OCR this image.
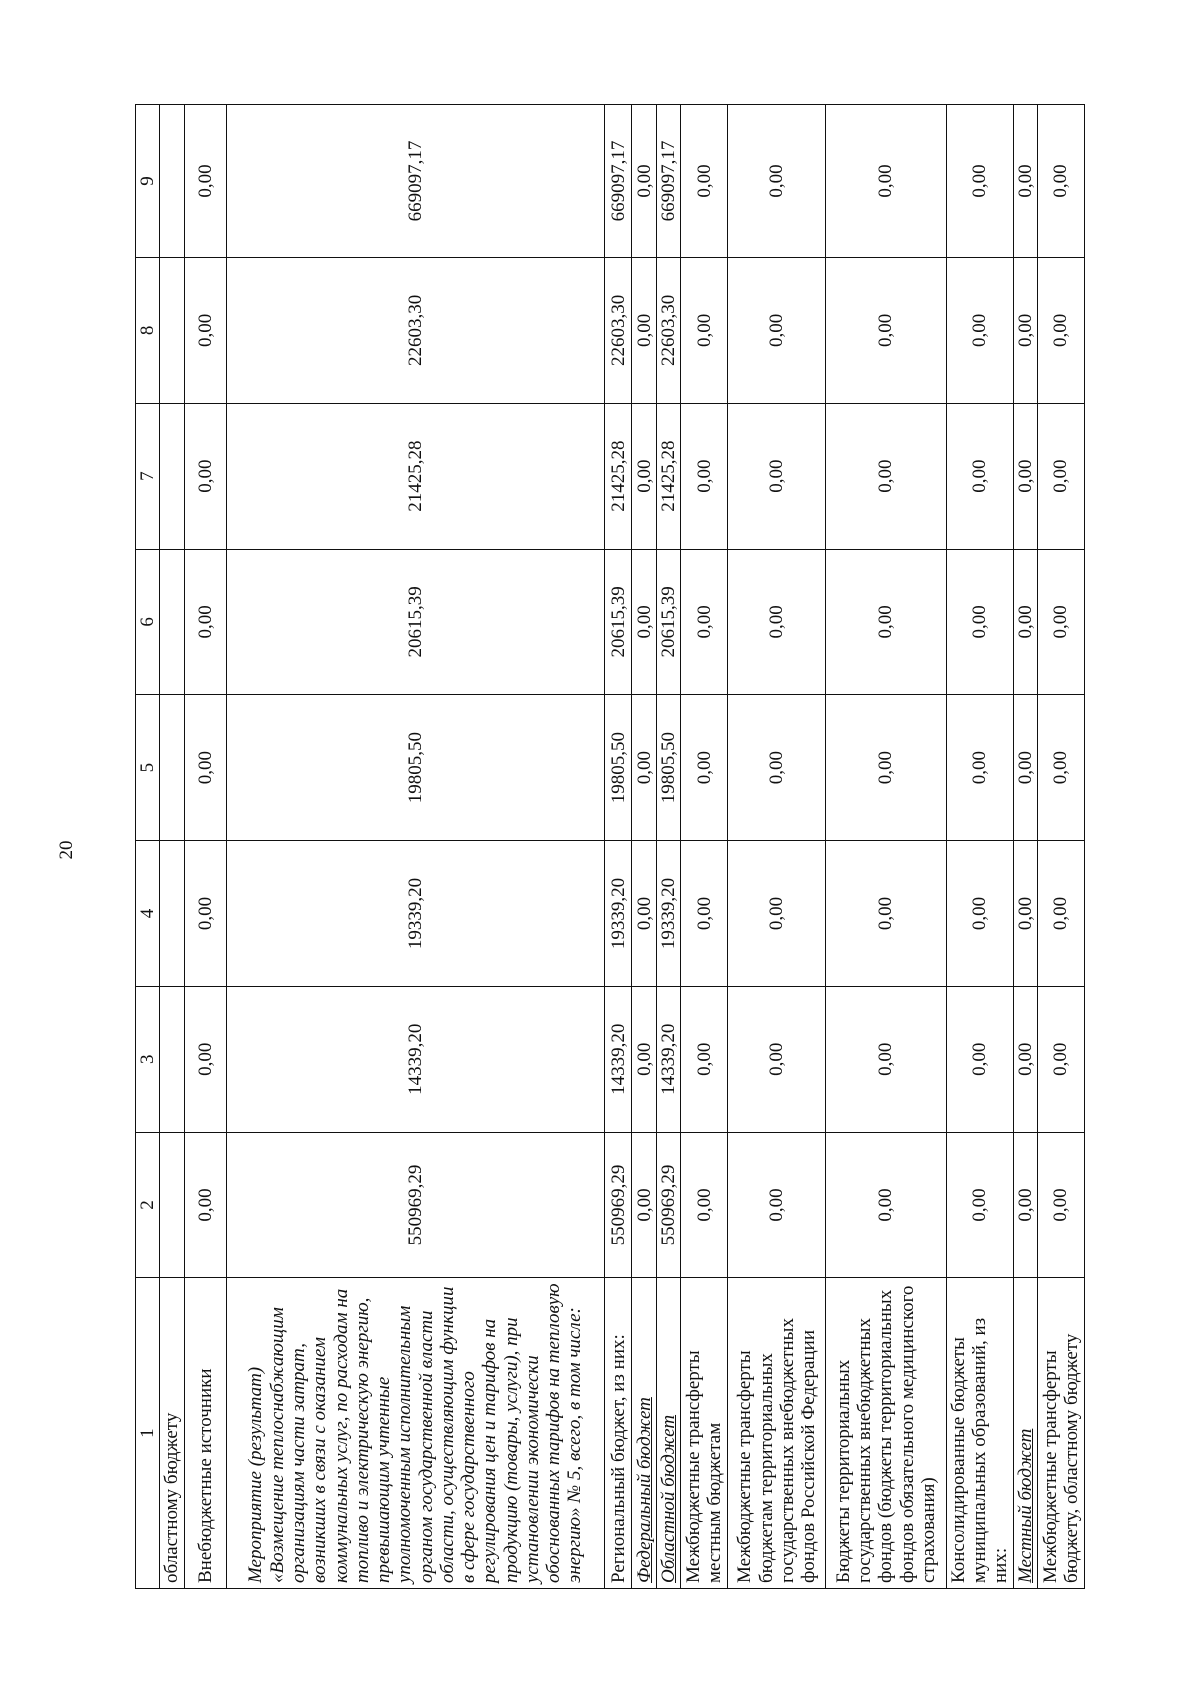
20
1	2	3	4	5	6	7	8	9
областному бюджету								
Внебюджетные источники	0,00	0,00	0,00	0,00	0,00	0,00	0,00	0,00
Мероприятие (результат) «Возмещение теплоснабжающим организациям части затрат, возникших в связи с оказанием коммунальных услуг, по расходам на топливо и электрическую энергию, превышающим учтенные уполномоченным исполнительным органом государственной власти области, осуществляющим функции в сфере государственного регулирования цен и тарифов на продукцию (товары, услуги), при установлении экономически обоснованных тарифов на тепловую энергию» № 5, всего, в том числе:	550969,29	14339,20	19339,20	19805,50	20615,39	21425,28	22603,30	669097,17
Региональный бюджет, из них:	550969,29	14339,20	19339,20	19805,50	20615,39	21425,28	22603,30	669097,17
Федеральный бюджет	0,00	0,00	0,00	0,00	0,00	0,00	0,00	0,00
Областной бюджет	550969,29	14339,20	19339,20	19805,50	20615,39	21425,28	22603,30	669097,17
Межбюджетные трансферты местным бюджетам	0,00	0,00	0,00	0,00	0,00	0,00	0,00	0,00
Межбюджетные трансферты бюджетам территориальных государственных внебюджетных фондов Российской Федерации	0,00	0,00	0,00	0,00	0,00	0,00	0,00	0,00
Бюджеты территориальных государственных внебюджетных фондов (бюджеты территориальных фондов обязательного медицинского страхования)	0,00	0,00	0,00	0,00	0,00	0,00	0,00	0,00
Консолидированные бюджеты муниципальных образований, из них:	0,00	0,00	0,00	0,00	0,00	0,00	0,00	0,00
Местный бюджет	0,00	0,00	0,00	0,00	0,00	0,00	0,00	0,00
Межбюджетные трансферты бюджету, областному бюджету	0,00	0,00	0,00	0,00	0,00	0,00	0,00	0,00
